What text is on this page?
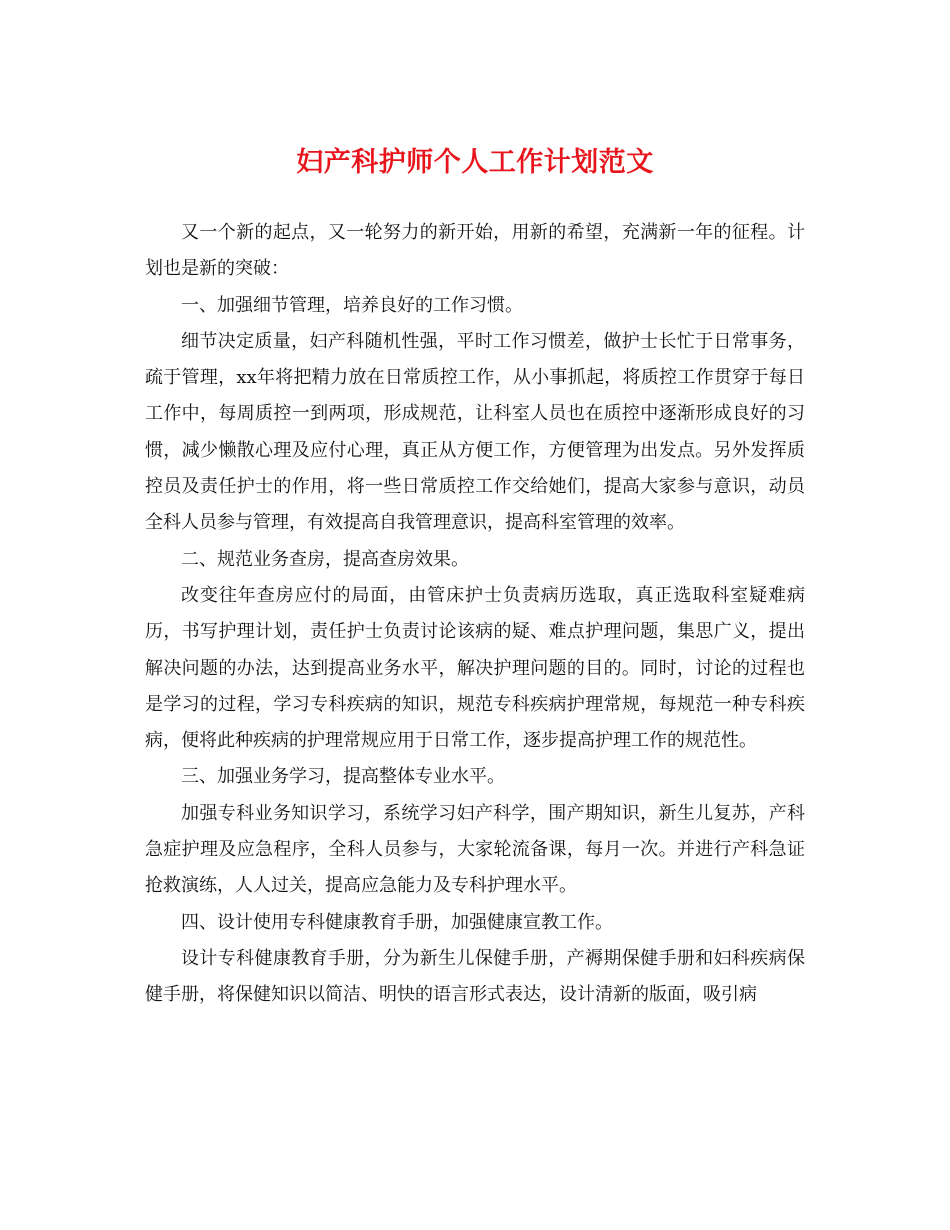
妇产科护师个人工作计划范文

又一个新的起点，又一轮努力的新开始，用新的希望，充满新一年的征程。计划也是新的突破：

一、加强细节管理，培养良好的工作习惯。

细节决定质量，妇产科随机性强，平时工作习惯差，做护士长忙于日常事务，疏于管理，xx年将把精力放在日常质控工作，从小事抓起，将质控工作贯穿于每日工作中，每周质控一到两项，形成规范，让科室人员也在质控中逐渐形成良好的习惯，减少懒散心理及应付心理，真正从方便工作，方便管理为出发点。另外发挥质控员及责任护士的作用，将一些日常质控工作交给她们，提高大家参与意识，动员全科人员参与管理，有效提高自我管理意识，提高科室管理的效率。

二、规范业务查房，提高查房效果。

改变往年查房应付的局面，由管床护士负责病历选取，真正选取科室疑难病历，书写护理计划，责任护士负责讨论该病的疑、难点护理问题，集思广义，提出解决问题的办法，达到提高业务水平，解决护理问题的目的。同时，讨论的过程也是学习的过程，学习专科疾病的知识，规范专科疾病护理常规，每规范一种专科疾病，便将此种疾病的护理常规应用于日常工作，逐步提高护理工作的规范性。

三、加强业务学习，提高整体专业水平。

加强专科业务知识学习，系统学习妇产科学，围产期知识，新生儿复苏，产科急症护理及应急程序，全科人员参与，大家轮流备课，每月一次。并进行产科急证抢救演练，人人过关，提高应急能力及专科护理水平。

四、设计使用专科健康教育手册，加强健康宣教工作。

设计专科健康教育手册，分为新生儿保健手册，产褥期保健手册和妇科疾病保健手册，将保健知识以简洁、明快的语言形式表达，设计清新的版面，吸引病
